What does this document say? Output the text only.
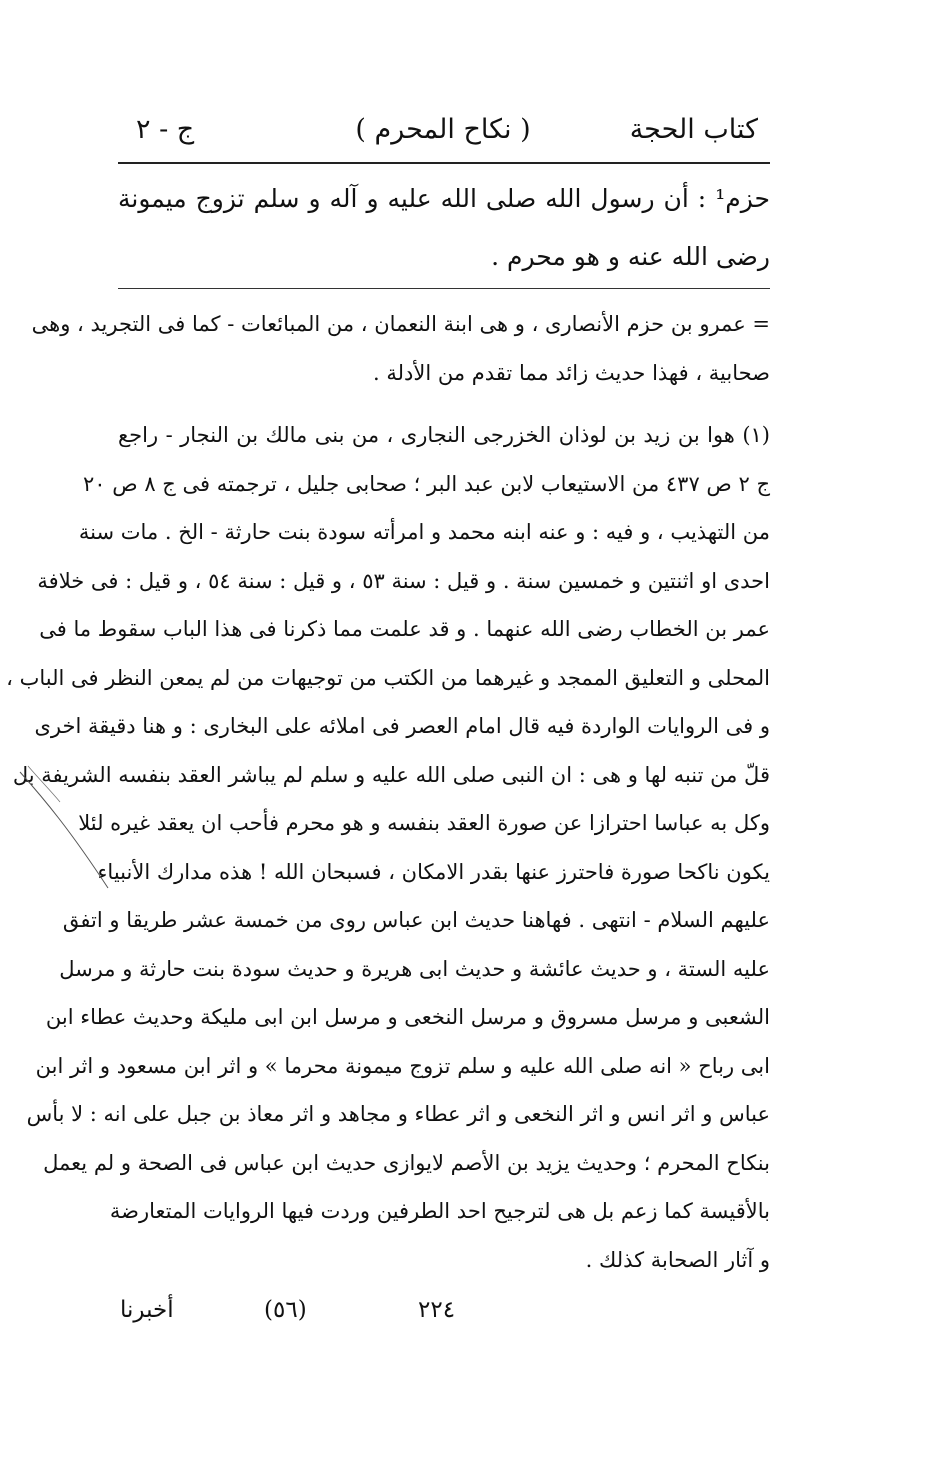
كتاب الحجة
( نكاح المحرم )
ج - ٢

حزم¹ : أن رسول الله صلى الله عليه و آله و سلم تزوج ميمونة رضى الله عنه و هو محرم .

= عمرو بن حزم الأنصارى ، و هى ابنة النعمان ، من المبائعات - كما فى التجريد ، وهى
صحابية ، فهذا حديث زائد مما تقدم من الأدلة .
(١) هوا بن زيد بن لوذان الخزرجى النجارى ، من بنى مالك بن النجار - راجع
ج ٢ ص ٤٣٧ من الاستيعاب لابن عبد البر ؛ صحابى جليل ، ترجمته فى ج ٨ ص ٢٠
من التهذيب ، و فيه : و عنه ابنه محمد و امرأته سودة بنت حارثة - الخ . مات سنة
احدى او اثنتين و خمسين سنة . و قيل : سنة ٥٣ ، و قيل : سنة ٥٤ ، و قيل : فى خلافة
عمر بن الخطاب رضى الله عنهما . و قد علمت مما ذكرنا فى هذا الباب سقوط ما فى
المحلى و التعليق الممجد و غيرهما من الكتب من توجيهات من لم يمعن النظر فى الباب ،
و فى الروايات الواردة فيه قال امام العصر فى املائه على البخارى : و هنا دقيقة اخرى
قلّ من تنبه لها و هى : ان النبى صلى الله عليه و سلم لم يباشر العقد بنفسه الشريفة بل
وكل به عباسا احترازا عن صورة العقد بنفسه و هو محرم فأحب ان يعقد غيره لئلا
يكون ناكحا صورة فاحترز عنها بقدر الامكان ، فسبحان الله ! هذه مدارك الأنبياء
عليهم السلام - انتهى . فهاهنا حديث ابن عباس روى من خمسة عشر طريقا و اتفق
عليه الستة ، و حديث عائشة و حديث ابى هريرة و حديث سودة بنت حارثة و مرسل
الشعبى و مرسل مسروق و مرسل النخعى و مرسل ابن ابى مليكة وحديث عطاء ابن
ابى رباح « انه صلى الله عليه و سلم تزوج ميمونة محرما » و اثر ابن مسعود و اثر ابن
عباس و اثر انس و اثر النخعى و اثر عطاء و مجاهد و اثر معاذ بن جبل على انه : لا بأس
بنكاح المحرم ؛ وحديث يزيد بن الأصم لايوازى حديث ابن عباس فى الصحة و لم يعمل
بالأقيسة كما زعم بل هى لترجيح احد الطرفين وردت فيها الروايات المتعارضة
و آثار الصحابة كذلك .
٢٢٤
(٥٦)
أخبرنا
